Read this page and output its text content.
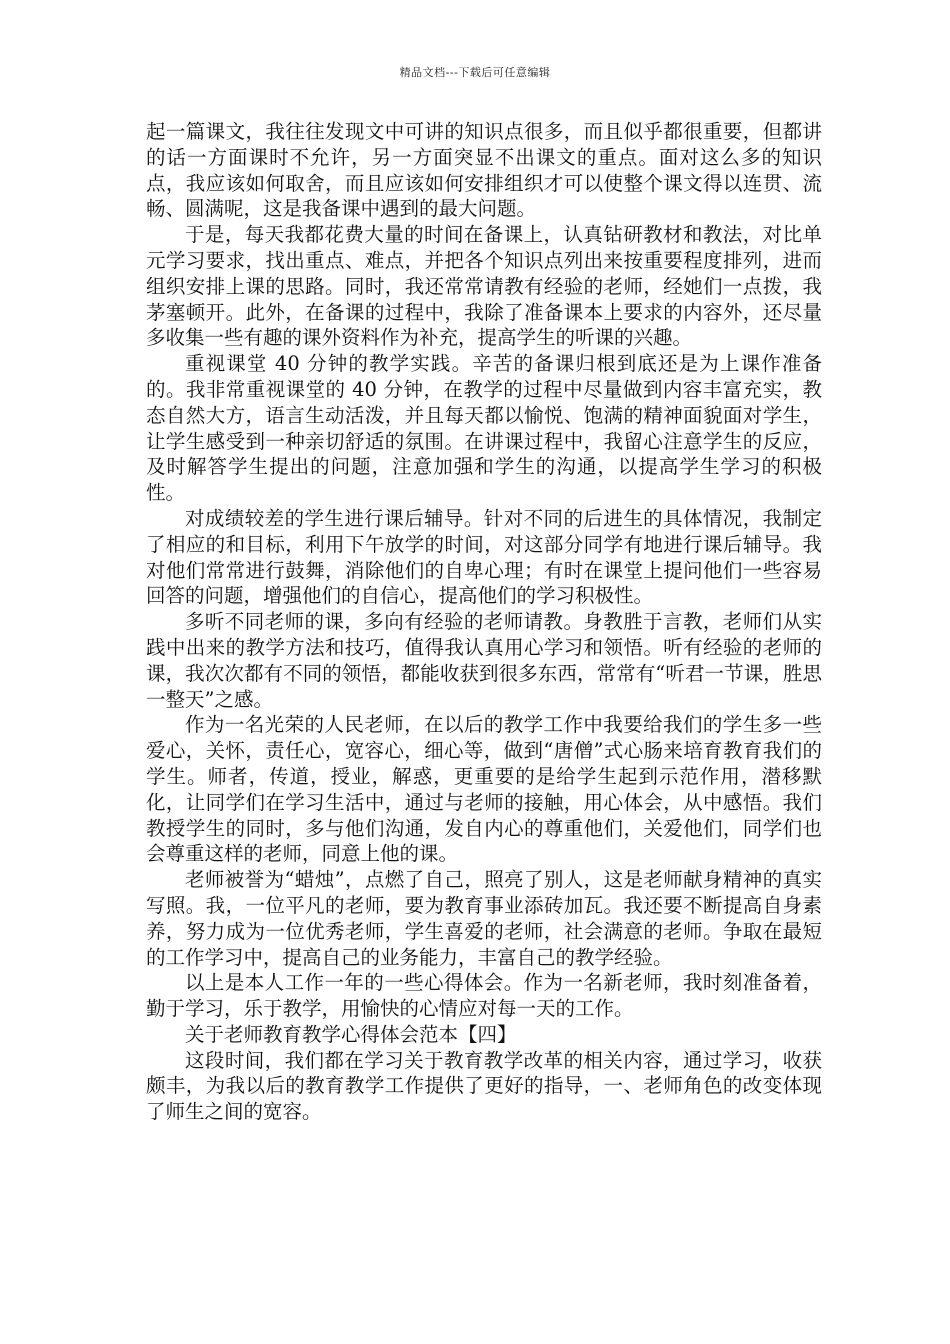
精品文档---下载后可任意编辑

起一篇课文，我往往发现文中可讲的知识点很多，而且似乎都很重要，但都讲的话一方面课时不允许，另一方面突显不出课文的重点。面对这么多的知识点，我应该如何取舍，而且应该如何安排组织才可以使整个课文得以连贯、流畅、圆满呢，这是我备课中遇到的最大问题。

于是，每天我都花费大量的时间在备课上，认真钻研教材和教法，对比单元学习要求，找出重点、难点，并把各个知识点列出来按重要程度排列，进而组织安排上课的思路。同时，我还常常请教有经验的老师，经她们一点拨，我茅塞顿开。此外，在备课的过程中，我除了准备课本上要求的内容外，还尽量多收集一些有趣的课外资料作为补充，提高学生的听课的兴趣。

重视课堂 40 分钟的教学实践。辛苦的备课归根到底还是为上课作准备的。我非常重视课堂的 40 分钟，在教学的过程中尽量做到内容丰富充实，教态自然大方，语言生动活泼，并且每天都以愉悦、饱满的精神面貌面对学生，让学生感受到一种亲切舒适的氛围。在讲课过程中，我留心注意学生的反应，及时解答学生提出的问题，注意加强和学生的沟通，以提高学生学习的积极性。

对成绩较差的学生进行课后辅导。针对不同的后进生的具体情况，我制定了相应的和目标，利用下午放学的时间，对这部分同学有地进行课后辅导。我对他们常常进行鼓舞，消除他们的自卑心理；有时在课堂上提问他们一些容易回答的问题，增强他们的自信心，提高他们的学习积极性。

多听不同老师的课，多向有经验的老师请教。身教胜于言教，老师们从实践中出来的教学方法和技巧，值得我认真用心学习和领悟。听有经验的老师的课，我次次都有不同的领悟，都能收获到很多东西，常常有“听君一节课，胜思一整天”之感。

作为一名光荣的人民老师，在以后的教学工作中我要给我们的学生多一些爱心，关怀，责任心，宽容心，细心等，做到“唐僧”式心肠来培育教育我们的学生。师者，传道，授业，解惑，更重要的是给学生起到示范作用，潜移默化，让同学们在学习生活中，通过与老师的接触，用心体会，从中感悟。我们教授学生的同时，多与他们沟通，发自内心的尊重他们，关爱他们，同学们也会尊重这样的老师，同意上他的课。

老师被誉为“蜡烛”，点燃了自己，照亮了别人，这是老师献身精神的真实写照。我，一位平凡的老师，要为教育事业添砖加瓦。我还要不断提高自身素养，努力成为一位优秀老师，学生喜爱的老师，社会满意的老师。争取在最短的工作学习中，提高自己的业务能力，丰富自己的教学经验。

以上是本人工作一年的一些心得体会。作为一名新老师，我时刻准备着，勤于学习，乐于教学，用愉快的心情应对每一天的工作。

关于老师教育教学心得体会范本【四】

这段时间，我们都在学习关于教育教学改革的相关内容，通过学习，收获颇丰，为我以后的教育教学工作提供了更好的指导，一、老师角色的改变体现了师生之间的宽容。
